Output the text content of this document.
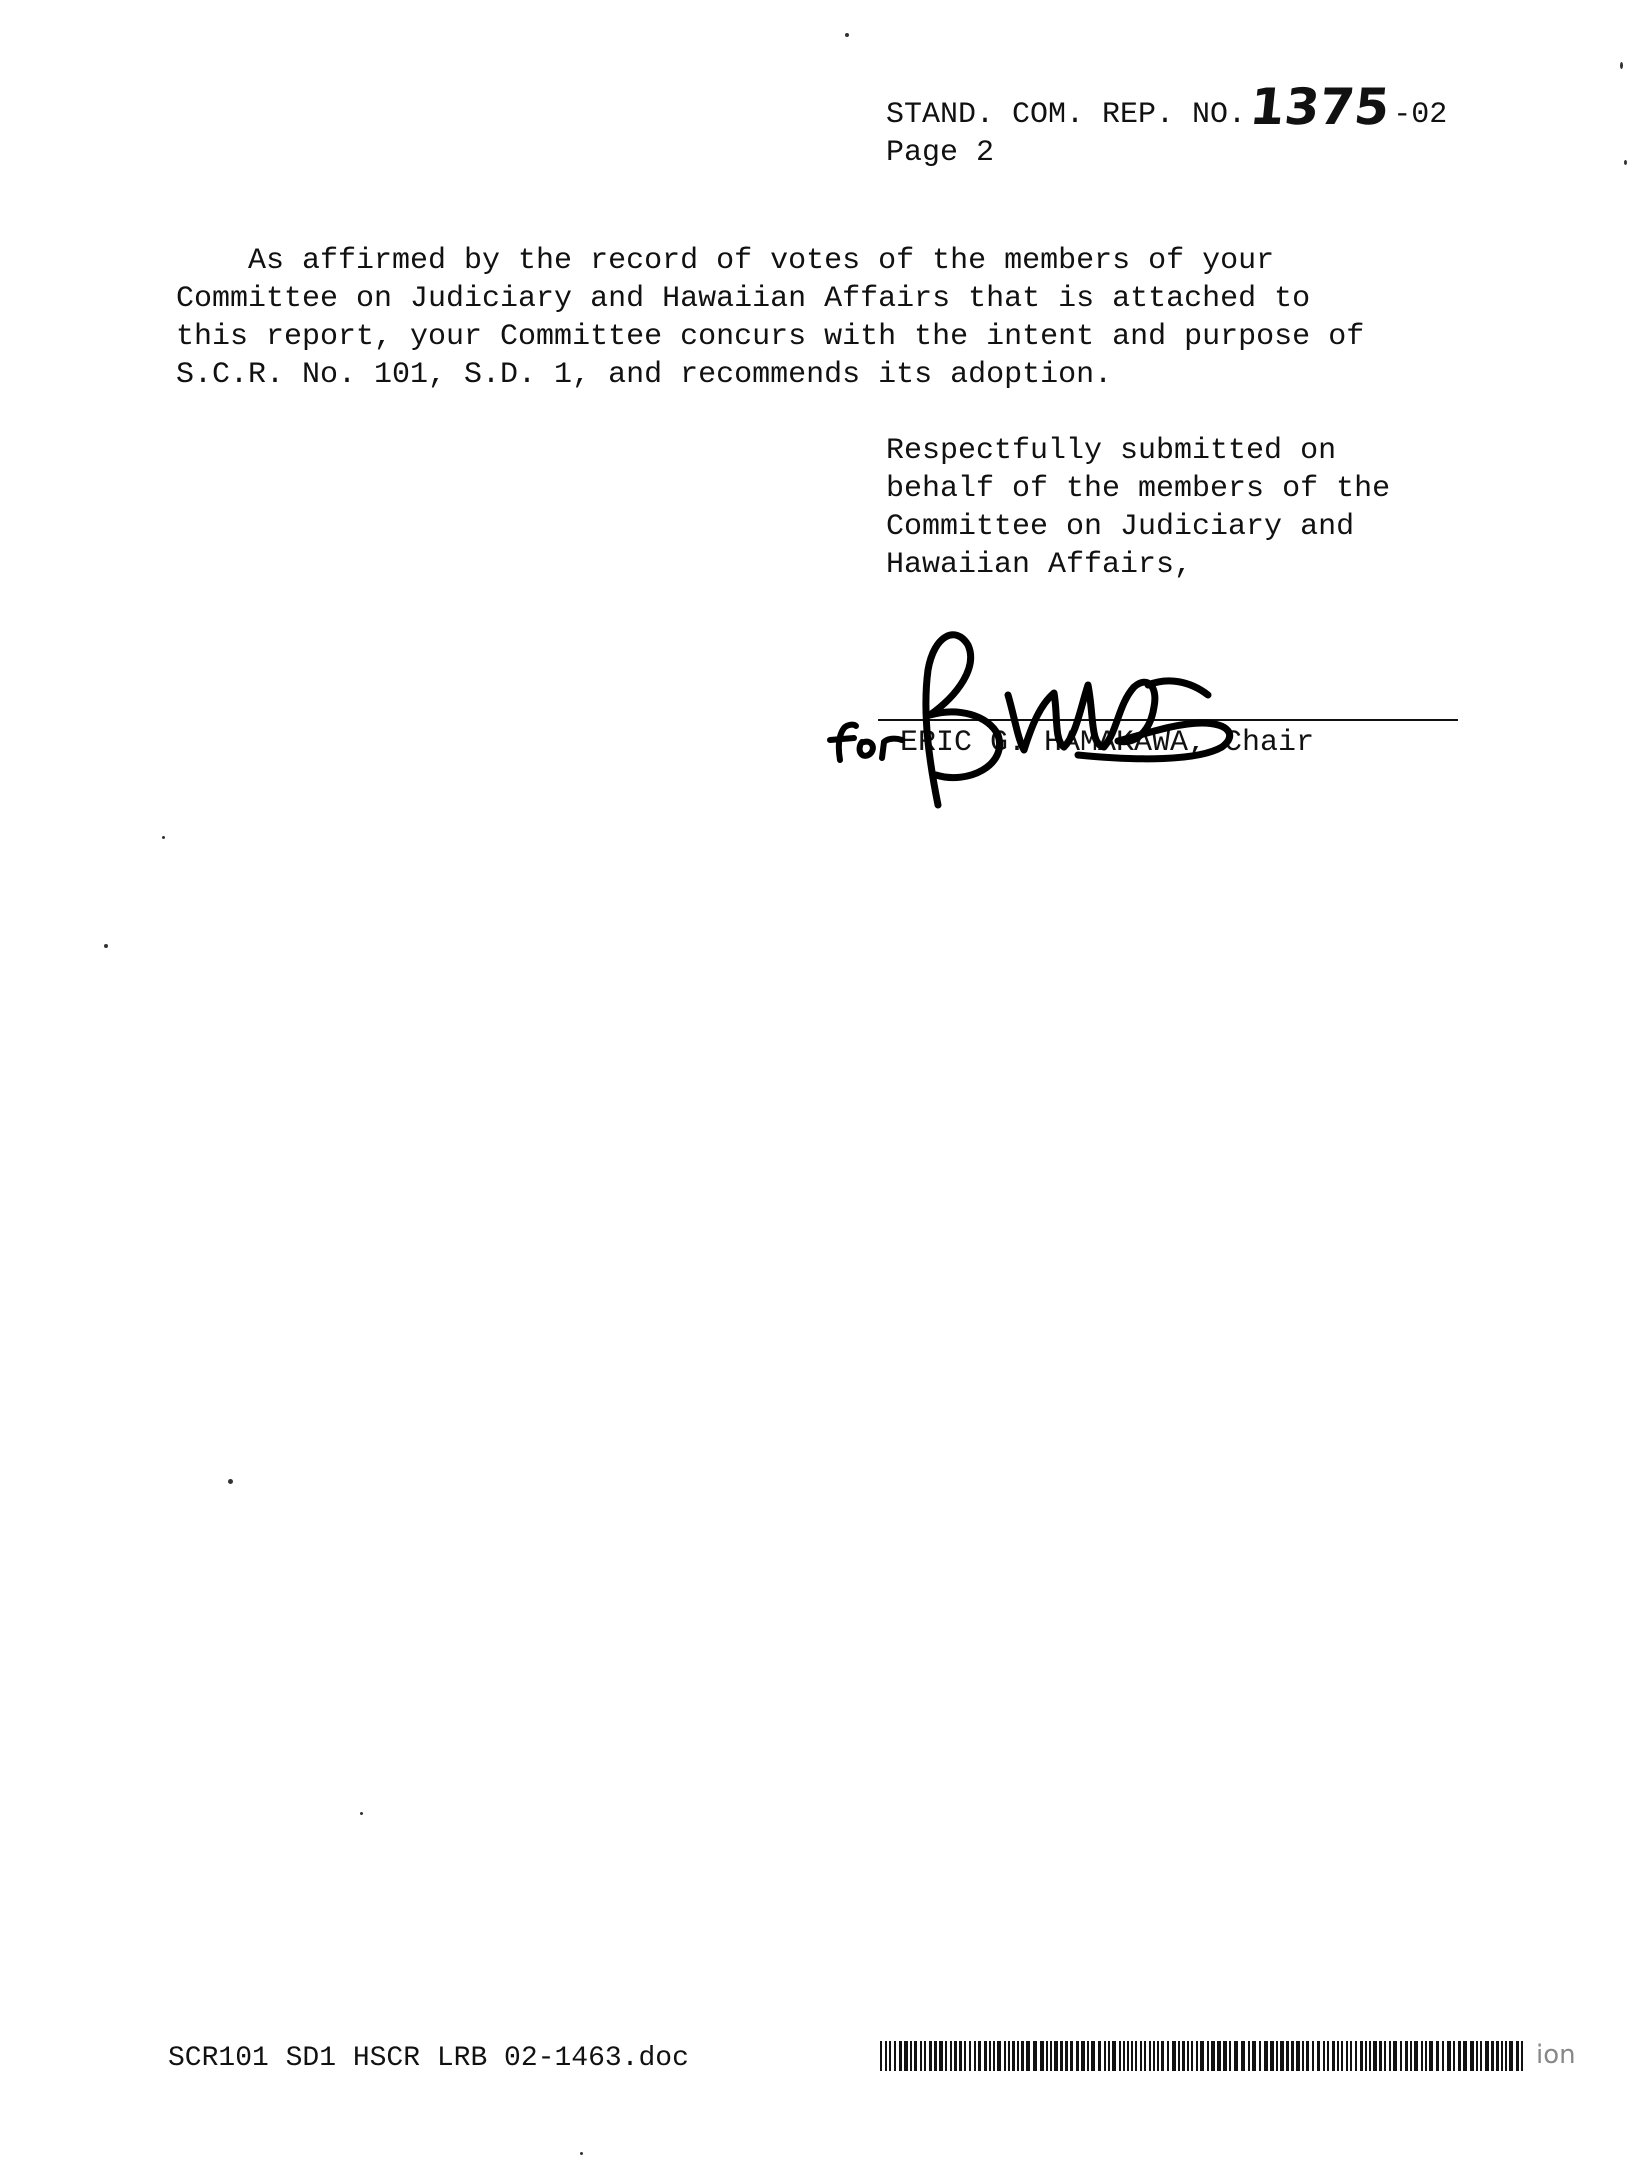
STAND. COM. REP. NO.1375-02
Page 2

As affirmed by the record of votes of the members of your

Committee on Judiciary and Hawaiian Affairs that is attached to

this report, your Committee concurs with the intent and purpose of

S.C.R. No. 101, S.D. 1, and recommends its adoption.

Respectfully submitted on

behalf of the members of the

Committee on Judiciary and

Hawaiian Affairs,

ERIC G. HAMAKAWA, Chair
SCR101 SD1 HSCR LRB 02-1463.doc	ion
